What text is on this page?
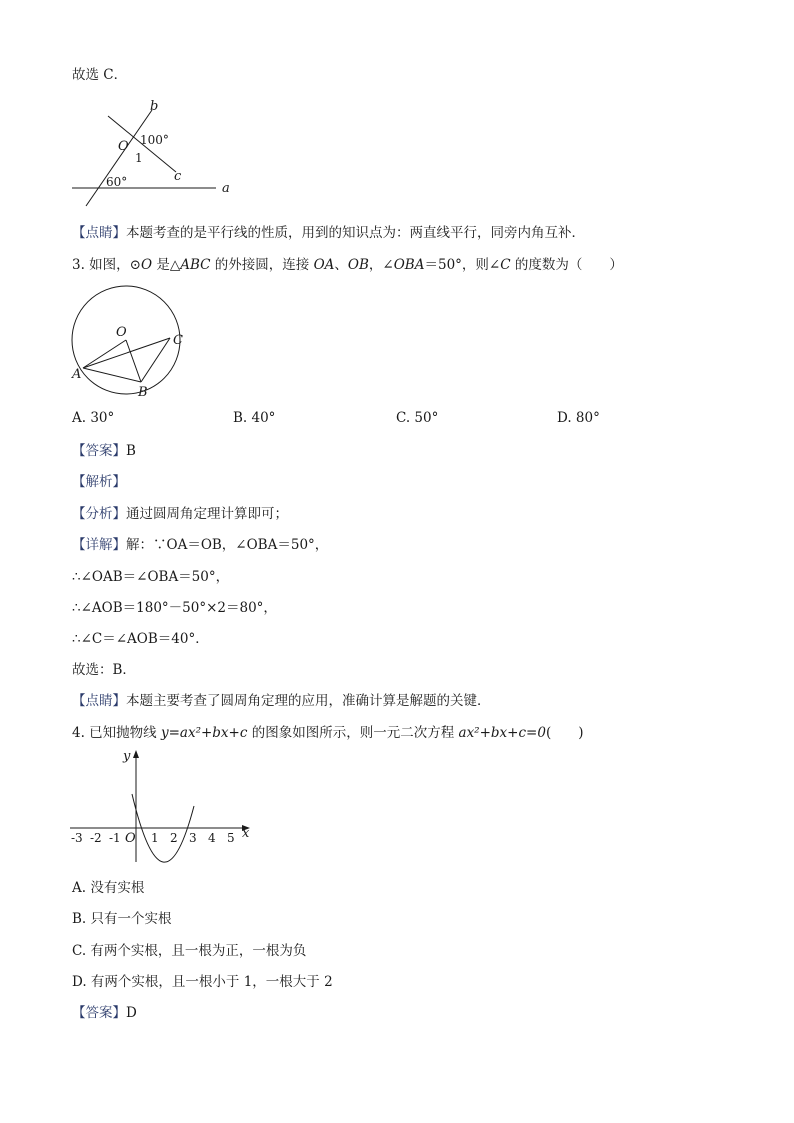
故选 C．
b
O 100°
1
c
60°	a
【点睛】本题考查的是平行线的性质，用到的知识点为：两直线平行，同旁内角互补．
3. 如图，⊙O 是△ABC 的外接圆，连接 OA、OB，∠OBA＝50°，则∠C 的度数为（　　）
O
C
A
B
A. 30°	B. 40°	C. 50°	D. 80°
【答案】B
【解析】
【分析】通过圆周角定理计算即可；
【详解】解：∵OA＝OB，∠OBA＝50°，
∴∠OAB＝∠OBA＝50°，
∴∠AOB＝180°－50°×2＝80°，
∴∠C＝∠AOB＝40°．
故选：B．
【点睛】本题主要考查了圆周角定理的应用，准确计算是解题的关键．
4. 已知抛物线 y=ax²+bx+c 的图象如图所示，则一元二次方程 ax²+bx+c=0(　　)
y
x
O
-3 -2 -1	1 2 3 4 5
A. 没有实根
B. 只有一个实根
C. 有两个实根，且一根为正，一根为负
D. 有两个实根，且一根小于 1，一根大于 2
【答案】D
